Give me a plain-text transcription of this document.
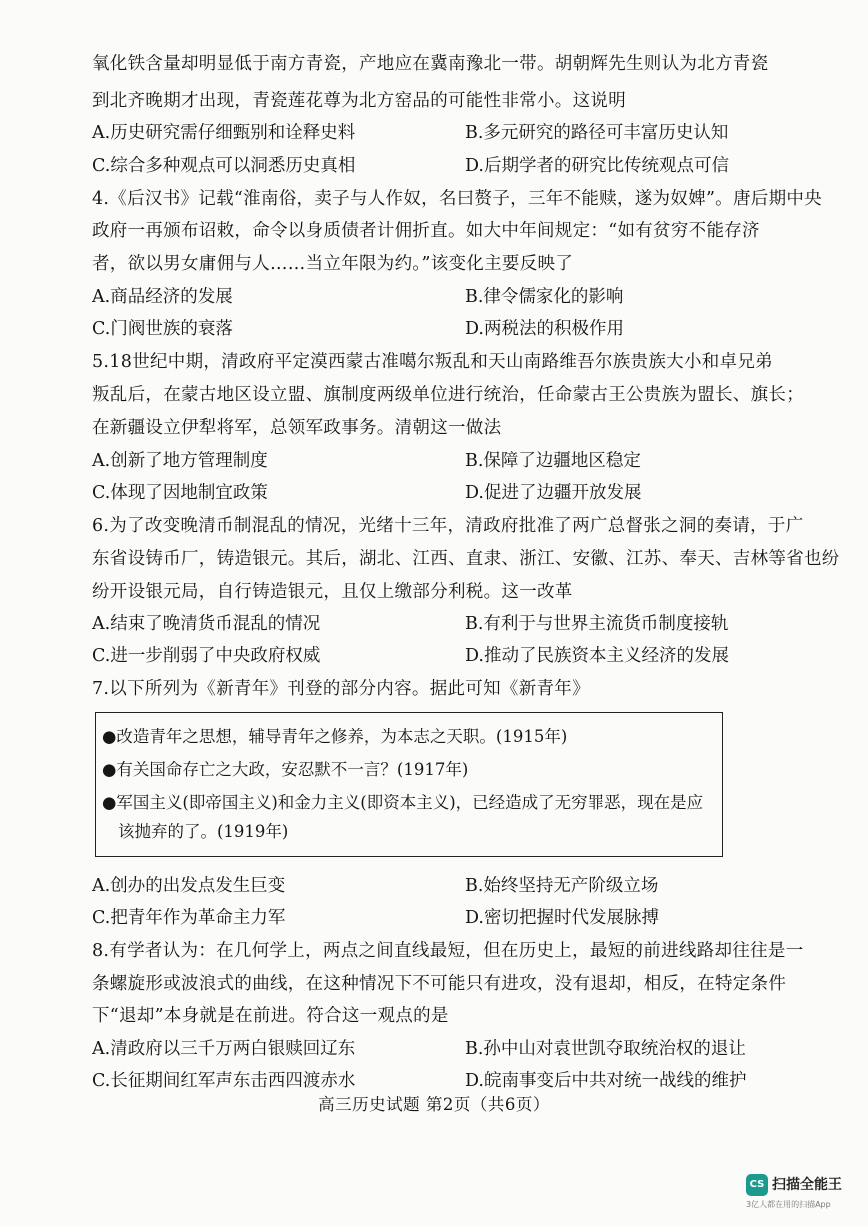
氧化铁含量却明显低于南方青瓷，产地应在冀南豫北一带。胡朝辉先生则认为北方青瓷
到北齐晚期才出现，青瓷莲花尊为北方窑品的可能性非常小。这说明
A.历史研究需仔细甄别和诠释史料	B.多元研究的路径可丰富历史认知
C.综合多种观点可以洞悉历史真相	D.后期学者的研究比传统观点可信
4.《后汉书》记载“淮南俗，卖子与人作奴，名曰赘子，三年不能赎，遂为奴婢”。唐后期中央
政府一再颁布诏敕，命令以身质债者计佣折直。如大中年间规定：“如有贫穷不能存济
者，欲以男女庸佣与人……当立年限为约。”该变化主要反映了
A.商品经济的发展	B.律令儒家化的影响
C.门阀世族的衰落	D.两税法的积极作用
5.18世纪中期，清政府平定漠西蒙古准噶尔叛乱和天山南路维吾尔族贵族大小和卓兄弟
叛乱后，在蒙古地区设立盟、旗制度两级单位进行统治，任命蒙古王公贵族为盟长、旗长；
在新疆设立伊犁将军，总领军政事务。清朝这一做法
A.创新了地方管理制度	B.保障了边疆地区稳定
C.体现了因地制宜政策	D.促进了边疆开放发展
6.为了改变晚清币制混乱的情况，光绪十三年，清政府批准了两广总督张之洞的奏请，于广
东省设铸币厂，铸造银元。其后，湖北、江西、直隶、浙江、安徽、江苏、奉天、吉林等省也纷
纷开设银元局，自行铸造银元，且仅上缴部分利税。这一改革
A.结束了晚清货币混乱的情况	B.有利于与世界主流货币制度接轨
C.进一步削弱了中央政府权威	D.推动了民族资本主义经济的发展
7.以下所列为《新青年》刊登的部分内容。据此可知《新青年》
●改造青年之思想，辅导青年之修养，为本志之天职。(1915年)
●有关国命存亡之大政，安忍默不一言？(1917年)
●军国主义(即帝国主义)和金力主义(即资本主义)，已经造成了无穷罪恶，现在是应
该抛弃的了。(1919年)
A.创办的出发点发生巨变	B.始终坚持无产阶级立场
C.把青年作为革命主力军	D.密切把握时代发展脉搏
8.有学者认为：在几何学上，两点之间直线最短，但在历史上，最短的前进线路却往往是一
条螺旋形或波浪式的曲线，在这种情况下不可能只有进攻，没有退却，相反，在特定条件
下“退却”本身就是在前进。符合这一观点的是
A.清政府以三千万两白银赎回辽东	B.孙中山对袁世凯夺取统治权的退让
C.长征期间红军声东击西四渡赤水	D.皖南事变后中共对统一战线的维护
高三历史试题 第2页（共6页）
CS 扫描全能王
3亿人都在用的扫描App
